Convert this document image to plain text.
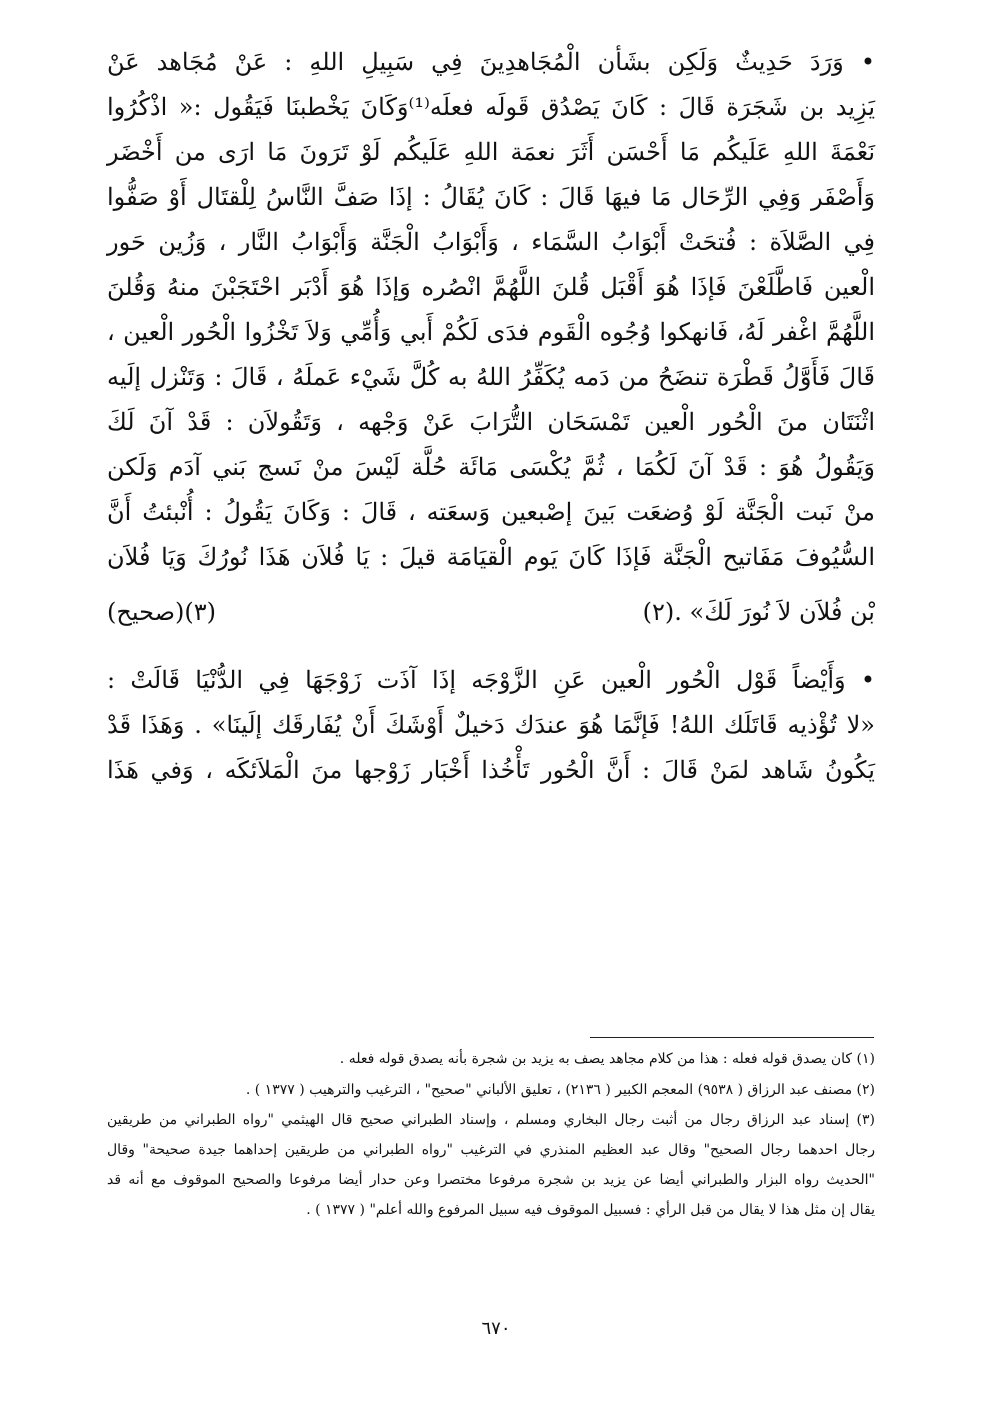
• وَرَدَ حَدِيثٌ وَلَكِن بشَأن الْمُجَاهدِينَ فِي سَبِيلِ اللهِ : عَنْ مُجَاهد عَنْ
يَزِيد بن شَجَرَة قَالَ : كَانَ يَصْدُق قَولَه فعلَه⁽¹⁾وَكَانَ يَخْطبنَا فَيَقُول :« اذْكُرُوا
نَعْمَةَ اللهِ عَلَيكُم مَا أَحْسَن أَثَرَ نعمَة اللهِ عَلَيكُم لَوْ تَرَونَ مَا ارَى من أَخْضَر
وَأَصْفَر وَفِي الرِّحَال مَا فيهَا قَالَ : كَانَ يُقَالُ : إذَا صَفَّ النَّاسُ لِلْقتَال أَوْ صَفُّوا
فِي الصَّلاَة : فُتحَتْ أَبْوَابُ السَّمَاء ، وَأَبْوَابُ الْجَنَّة وَأَبْوَابُ النَّار ، وَزُين حَور
الْعين فَاطَّلَعْنَ فَإذَا هُوَ أَقْبَل قُلنَ اللَّهُمَّ انْصُره وَإذَا هُوَ أَدْبَر احْتَجَبْنَ منهُ وَقُلنَ
اللَّهُمَّ اغْفر لَهُ، فَانهكوا وُجُوه الْقَوم فدَى لَكُمْ أَبي وَأُمِّي وَلاَ تَخْزُوا الْحُور الْعين ،
قَالَ فَأَوَّلُ قَطْرَة تنضَحُ من دَمه يُكَفِّرُ اللهُ به كُلَّ شَيْء عَملَهُ ، قَالَ : وَتَنْزل إلَيه
اثْنَتَان منَ الْحُور الْعين تَمْسَحَان التُّرَابَ عَنْ وَجْهه ، وَتَقُولاَن : قَدْ آنَ لَكَ
وَيَقُولُ هُوَ : قَدْ آنَ لَكُمَا ، ثُمَّ يُكْسَى مَائَة حُلَّة لَيْسَ منْ نَسج بَني آدَم وَلَكن
منْ نَبت الْجَنَّة لَوْ وُضعَت بَينَ إصْبعين وَسعَته ، قَالَ : وَكَانَ يَقُولُ : أُنْبئتُ أَنَّ
السُّيُوفَ مَفَاتيح الْجَنَّة فَإذَا كَانَ يَوم الْقيَامَة قيلَ : يَا فُلاَن هَذَا نُورُكَ وَيَا فُلاَن
بْن فُلاَن لاَ نُورَ لَكَ» .(٢)
(٣)(صحيح)
• وَأَيْضاً قَوْل الْحُور الْعين عَنِ الزَّوْجَه إذَا آذَت زَوْجَهَا فِي الدُّنْيَا قَالَتْ :
«لا تُؤْذيه قَاتَلَك اللهُ! فَإنَّمَا هُوَ عندَك دَخيلٌ أَوْشَكَ أَنْ يُفَارقَك إلَينَا» . وَهَذَا قَدْ
يَكُونُ شَاهد لمَنْ قَالَ : أَنَّ الْحُور تَأْخُذا أَخْبَار زَوْجها منَ الْمَلاَئكَه ، وَفي هَذَا
(١) كان يصدق قوله فعله : هذا من كلام مجاهد يصف به يزيد بن شجرة بأنه يصدق قوله فعله .
(٢) مصنف عبد الرزاق ( ٩٥٣٨) المعجم الكبير ( ٢١٣٦) ، تعليق الألباني "صحيح" ، الترغيب والترهيب ( ١٣٧٧ ) .
(٣) إسناد عبد الرزاق رجال من أثبت رجال البخاري ومسلم ، وإسناد الطبراني صحيح قال الهيثمي "رواه الطبراني من طريقين
رجال احدهما رجال الصحيح" وقال عبد العظيم المنذري في الترغيب "رواه الطبراني من طريقين إحداهما جيدة صحيحة" وقال
"الحديث رواه البزار والطبراني أيضا عن يزيد بن شجرة مرفوعا مختصرا وعن حدار أيضا مرفوعا والصحيح الموقوف مع أنه قد
يقال إن مثل هذا لا يقال من قبل الرأي : فسبيل الموقوف فيه سبيل المرفوع والله أعلم" ( ١٣٧٧ ) .
٦٧٠
